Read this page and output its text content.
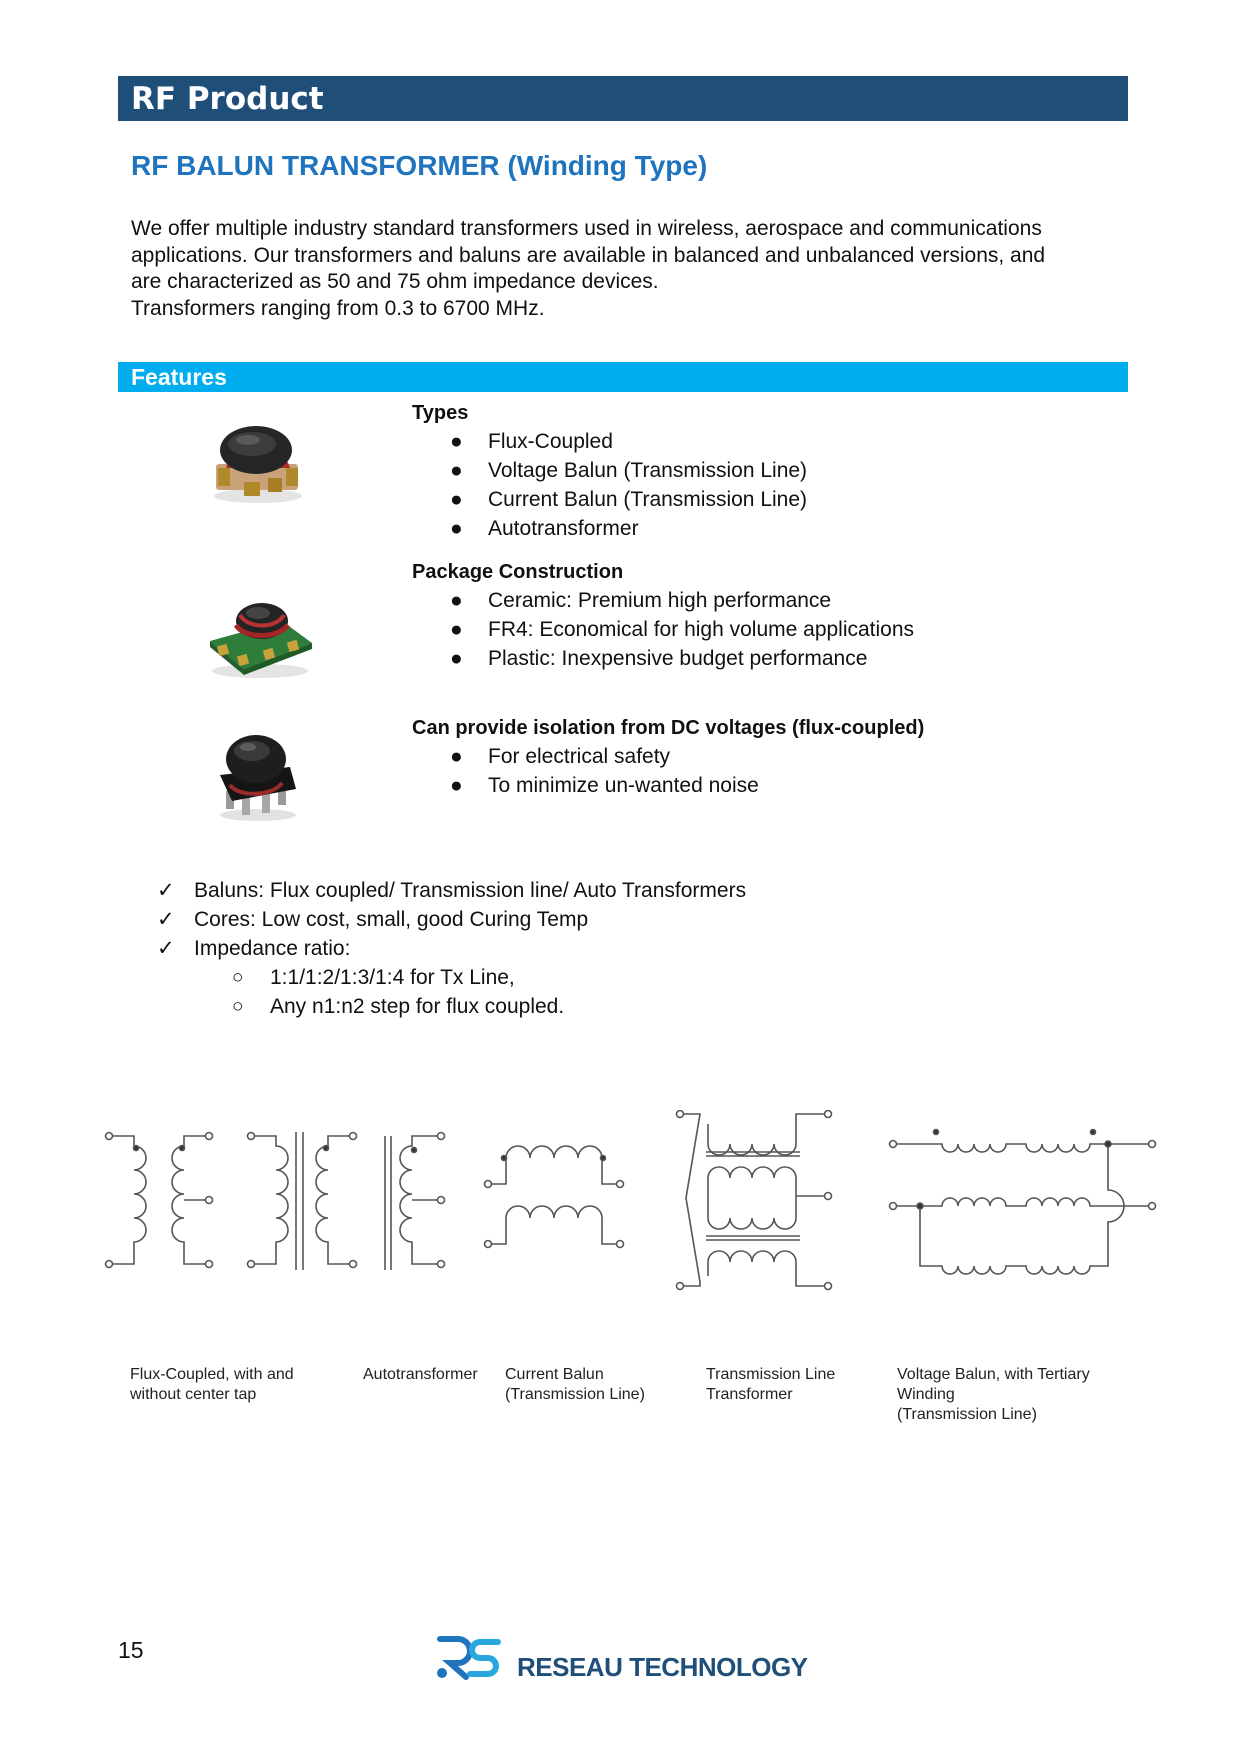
RF Product
RF BALUN TRANSFORMER (Winding Type)

We offer multiple industry standard transformers used in wireless, aerospace and communications

applications. Our transformers and baluns are available in balanced and unbalanced versions, and

are characterized as 50 and 75 ohm impedance devices.

Transformers ranging from 0.3 to 6700 MHz.

Features
Types
● Flux-Coupled
● Voltage Balun (Transmission Line)
● Current Balun (Transmission Line)
● Autotransformer
Package Construction
● Ceramic: Premium high performance
● FR4: Economical for high volume applications
● Plastic: Inexpensive budget performance
Can provide isolation from DC voltages (flux-coupled)
● For electrical safety
● To minimize un-wanted noise
✓ Baluns: Flux coupled/ Transmission line/ Auto Transformers
✓ Cores: Low cost, small, good Curing Temp
✓ Impedance ratio:
○ 1:1/1:2/1:3/1:4 for Tx Line,
○ Any n1:n2 step for flux coupled.
Flux-Coupled, with and
without center tap
Autotransformer Current Balun
(Transmission Line)
Transmission Line
Transformer
Voltage Balun, with Tertiary
Winding
(Transmission Line)
15
RESEAU TECHNOLOGY
